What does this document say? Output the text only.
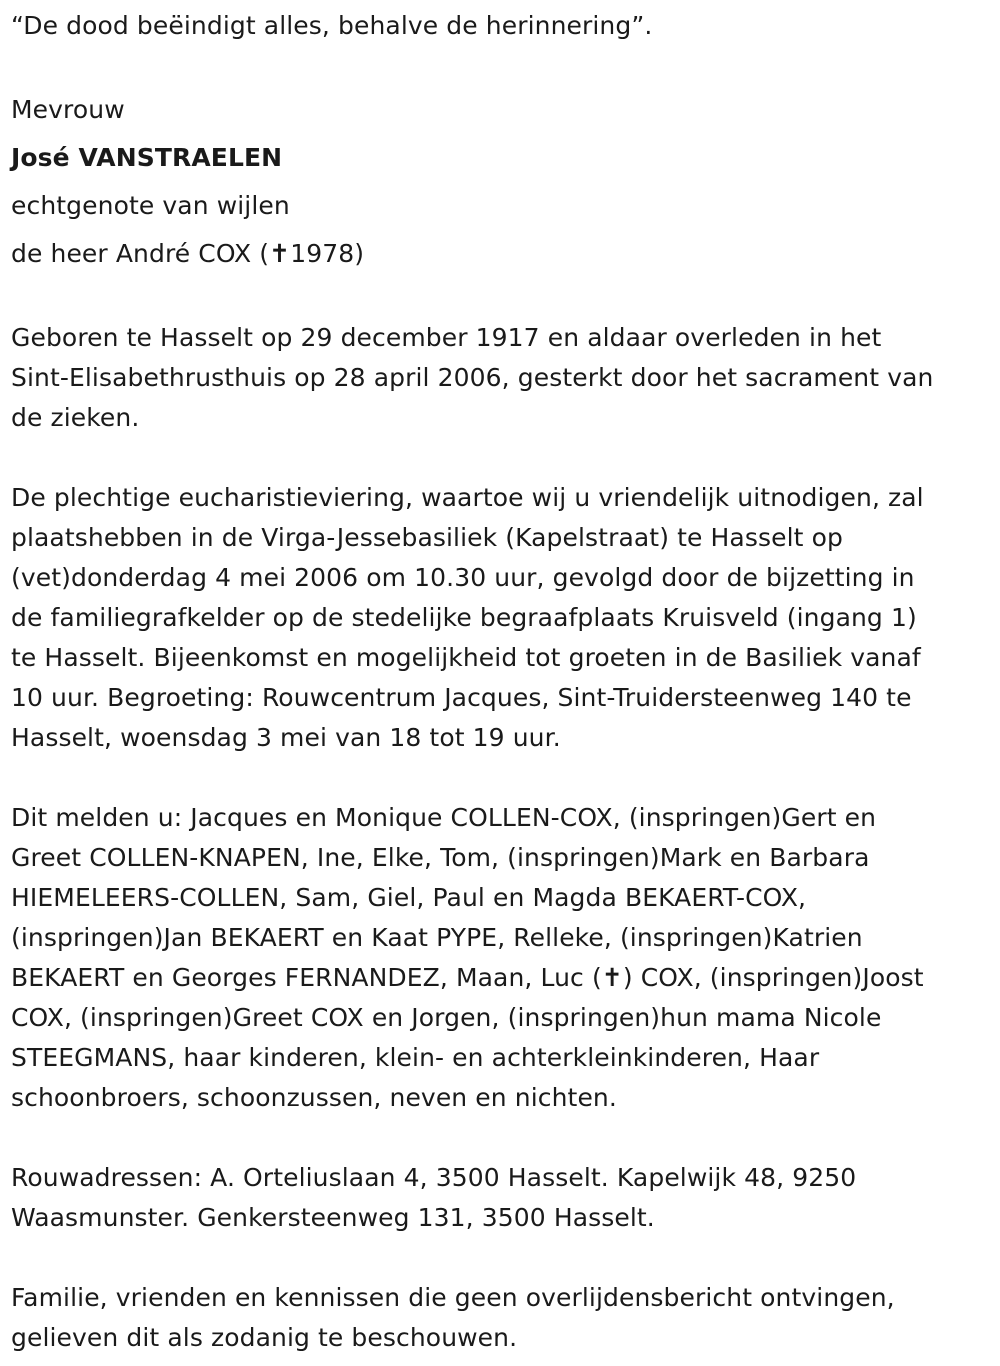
“De dood beëindigt alles, behalve de herinnering”.
Mevrouw
José VANSTRAELEN
echtgenote van wijlen
de heer André COX (✝1978)
Geboren te Hasselt op 29 december 1917 en aldaar overleden in het
Sint-Elisabethrusthuis op 28 april 2006, gesterkt door het sacrament van
de zieken.
De plechtige eucharistieviering, waartoe wij u vriendelijk uitnodigen, zal
plaatshebben in de Virga-Jessebasiliek (Kapelstraat) te Hasselt op
(vet)donderdag 4 mei 2006 om 10.30 uur, gevolgd door de bijzetting in
de familiegrafkelder op de stedelijke begraafplaats Kruisveld (ingang 1)
te Hasselt. Bijeenkomst en mogelijkheid tot groeten in de Basiliek vanaf
10 uur. Begroeting: Rouwcentrum Jacques, Sint-Truidersteenweg 140 te
Hasselt, woensdag 3 mei van 18 tot 19 uur.
Dit melden u: Jacques en Monique COLLEN-COX, (inspringen)Gert en
Greet COLLEN-KNAPEN, Ine, Elke, Tom, (inspringen)Mark en Barbara
HIEMELEERS-COLLEN, Sam, Giel, Paul en Magda BEKAERT-COX,
(inspringen)Jan BEKAERT en Kaat PYPE, Relleke, (inspringen)Katrien
BEKAERT en Georges FERNANDEZ, Maan, Luc (✝) COX, (inspringen)Joost
COX, (inspringen)Greet COX en Jorgen, (inspringen)hun mama Nicole
STEEGMANS, haar kinderen, klein- en achterkleinkinderen, Haar
schoonbroers, schoonzussen, neven en nichten.
Rouwadressen: A. Orteliuslaan 4, 3500 Hasselt. Kapelwijk 48, 9250
Waasmunster. Genkersteenweg 131, 3500 Hasselt.
Familie, vrienden en kennissen die geen overlijdensbericht ontvingen,
gelieven dit als zodanig te beschouwen.
